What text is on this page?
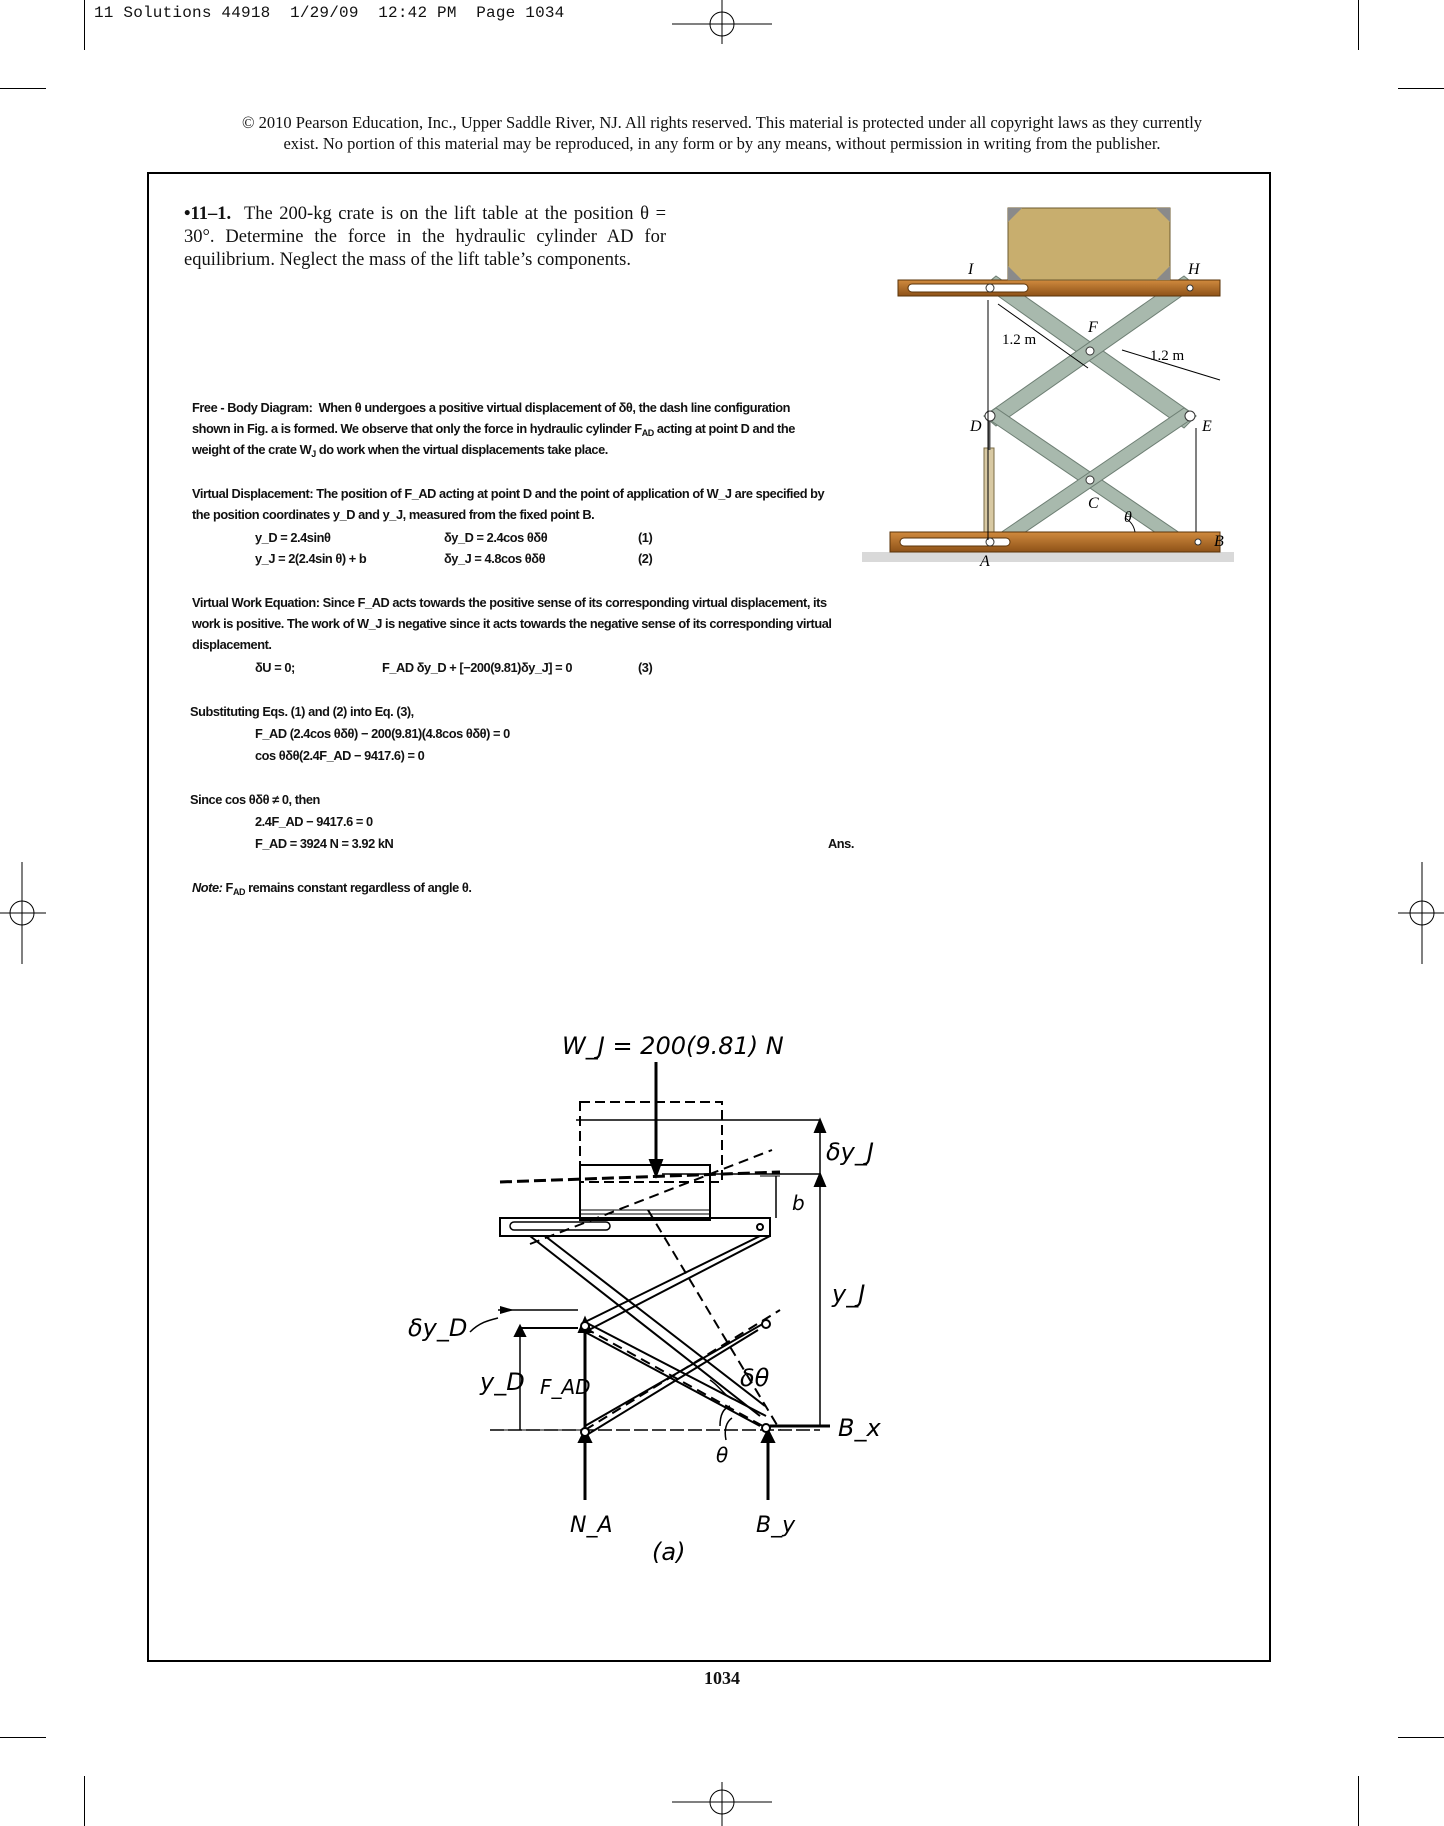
11 Solutions 44918  1/29/09  12:42 PM  Page 1034
© 2010 Pearson Education, Inc., Upper Saddle River, NJ. All rights reserved. This material is protected under all copyright laws as they currently
exist. No portion of this material may be reproduced, in any form or by any means, without permission in writing from the publisher.
•11–1. The 200-kg crate is on the lift table at the position θ = 30°. Determine the force in the hydraulic cylinder AD for equilibrium. Neglect the mass of the lift table’s components.	I	H
F
D	E
C
θ
B
A
1.2 m
1.2 m
Free - Body Diagram: When θ undergoes a positive virtual displacement of δθ, the dash line configuration
shown in Fig. a is formed. We observe that only the force in hydraulic cylinder $F_{AD}$ acting at point D and the
weight of the crate $W_J$ do work when the virtual displacements take place.
Virtual Displacement: The position of F_AD acting at point D and the point of application of W_J are specified by
the position coordinates y_D and y_J, measured from the fixed point B.
y_D = 2.4sinθ	δy_D = 2.4cos θδθ	(1)
y_J = 2(2.4sin θ) + b	δy_J = 4.8cos θδθ	(2)
Virtual Work Equation: Since F_AD acts towards the positive sense of its corresponding virtual displacement, its
work is positive. The work of W_J is negative since it acts towards the negative sense of its corresponding virtual
displacement.
δU = 0;	F_AD δy_D + [−200(9.81)δy_J] = 0	(3)
Substituting Eqs. (1) and (2) into Eq. (3),
F_AD (2.4cos θδθ) − 200(9.81)(4.8cos θδθ) = 0
cos θδθ(2.4F_AD − 9417.6) = 0
Since cos θδθ ≠ 0, then
2.4F_AD − 9417.6 = 0
F_AD = 3924 N = 3.92 kN	Ans.
Note: $F_{AD}$ remains constant regardless of angle θ.
W_J = 200(9.81) N
δy_J
b
y_J
δy_D
y_D F_AD	δθ
θ
B_x
N_A	B_y
(a)
1034
